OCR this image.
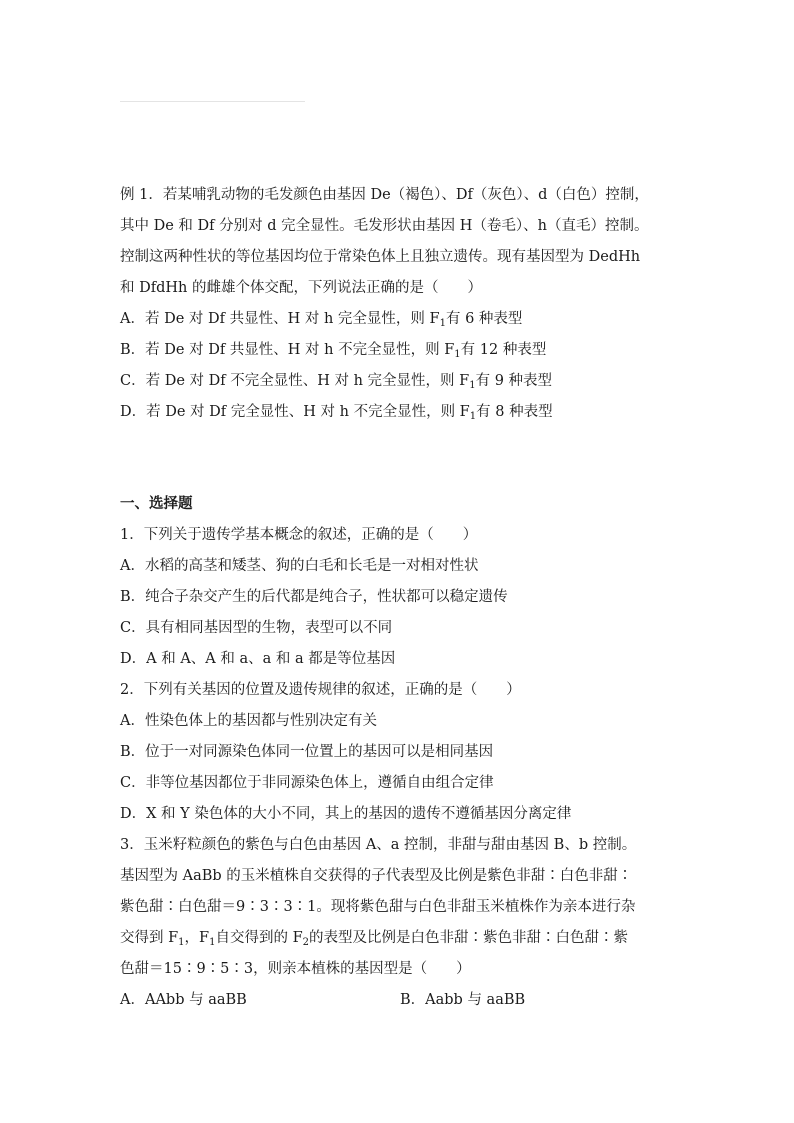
例 1．若某哺乳动物的毛发颜色由基因 De（褐色）、Df（灰色）、d（白色）控制，

其中 De 和 Df 分别对 d 完全显性。毛发形状由基因 H（卷毛）、h（直毛）控制。

控制这两种性状的等位基因均位于常染色体上且独立遗传。现有基因型为 DedHh

和 DfdHh 的雌雄个体交配，下列说法正确的是（　　）

A．若 De 对 Df 共显性、H 对 h 完全显性，则 $F_1$有 6 种表型

B．若 De 对 Df 共显性、H 对 h 不完全显性，则 $F_1$有 12 种表型

C．若 De 对 Df 不完全显性、H 对 h 完全显性，则 $F_1$有 9 种表型

D．若 De 对 Df 完全显性、H 对 h 不完全显性，则 $F_1$有 8 种表型

一、选择题

1．下列关于遗传学基本概念的叙述，正确的是（　　）

A．水稻的高茎和矮茎、狗的白毛和长毛是一对相对性状

B．纯合子杂交产生的后代都是纯合子，性状都可以稳定遗传

C．具有相同基因型的生物，表型可以不同

D．A 和 A、A 和 a、a 和 a 都是等位基因

2．下列有关基因的位置及遗传规律的叙述，正确的是（　　）

A．性染色体上的基因都与性别决定有关

B．位于一对同源染色体同一位置上的基因可以是相同基因

C．非等位基因都位于非同源染色体上，遵循自由组合定律

D．X 和 Y 染色体的大小不同，其上的基因的遗传不遵循基因分离定律

3．玉米籽粒颜色的紫色与白色由基因 A、a 控制，非甜与甜由基因 B、b 控制。

基因型为 AaBb 的玉米植株自交获得的子代表型及比例是紫色非甜∶白色非甜∶

紫色甜∶白色甜＝9∶3∶3∶1。现将紫色甜与白色非甜玉米植株作为亲本进行杂

交得到 $F_1$，$F_1$自交得到的 $F_2$的表型及比例是白色非甜∶紫色非甜∶白色甜∶紫

色甜＝15∶9∶5∶3，则亲本植株的基因型是（　　）

A．AAbb 与 aaBB	B．Aabb 与 aaBB
